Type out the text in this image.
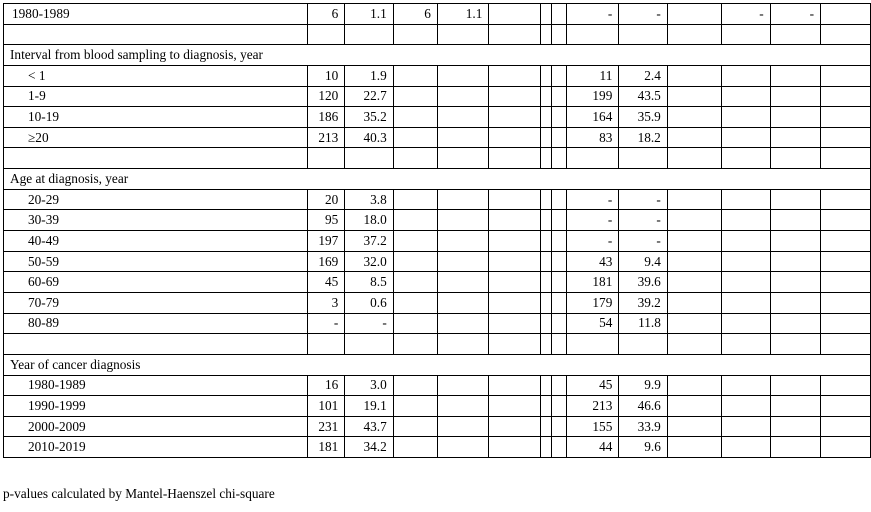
1980-1989	6	1.1	6	1.1				-	-		-	-	

Interval from blood sampling to diagnosis, year													
< 1	10	1.9						11	2.4				
1-9	120	22.7						199	43.5				
10-19	186	35.2						164	35.9				
≥20	213	40.3						83	18.2				

Age at diagnosis, year													
20-29	20	3.8						-	-				
30-39	95	18.0						-	-				
40-49	197	37.2						-	-				
50-59	169	32.0						43	9.4				
60-69	45	8.5						181	39.6				
70-79	3	0.6						179	39.2				
80-89	-	-						54	11.8				

Year of cancer diagnosis													
1980-1989	16	3.0						45	9.9				
1990-1999	101	19.1						213	46.6				
2000-2009	231	43.7						155	33.9				
2010-2019	181	34.2						44	9.6				
p-values calculated by Mantel-Haenszel chi-square
